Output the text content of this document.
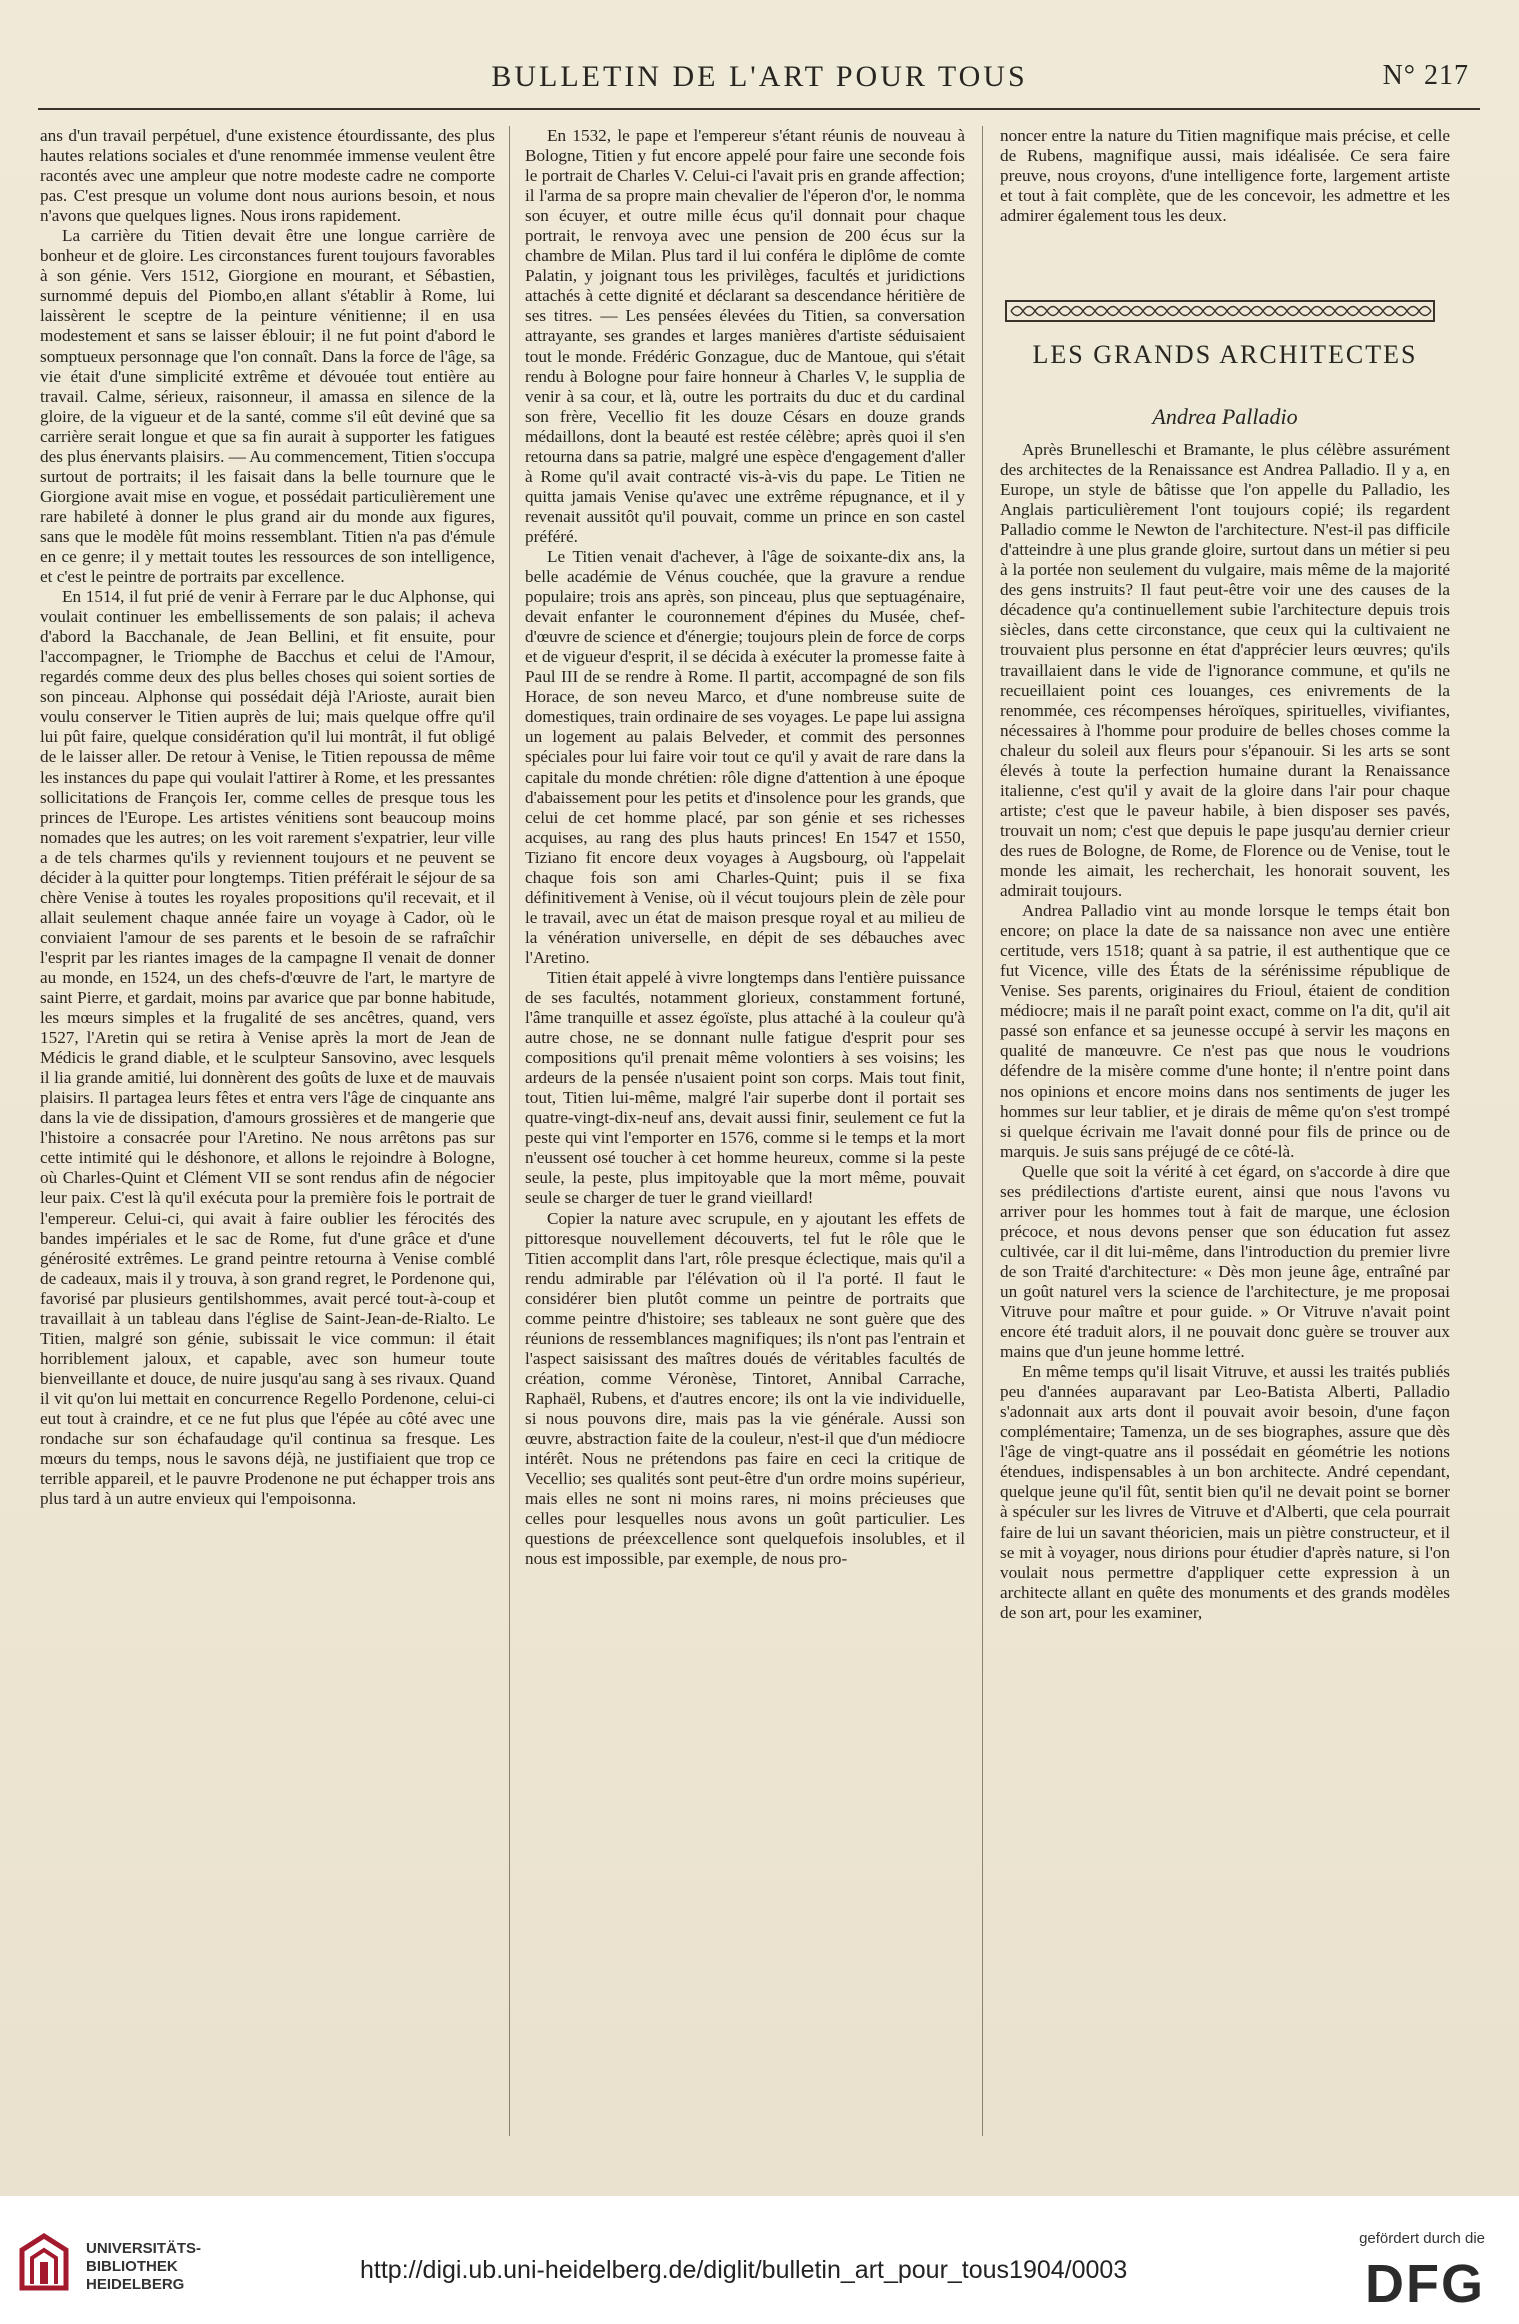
BULLETIN DE L'ART POUR TOUS	N° 217

ans d'un travail perpétuel, d'une existence étourdissante, des plus hautes relations sociales et d'une renommée immense veulent être racontés avec une ampleur que notre modeste cadre ne comporte pas. C'est presque un volume dont nous aurions besoin, et nous n'avons que quelques lignes. Nous irons rapidement.

La carrière du Titien devait être une longue carrière de bonheur et de gloire. Les circonstances furent toujours favorables à son génie. Vers 1512, Giorgione en mourant, et Sébastien, surnommé depuis del Piombo,en allant s'établir à Rome, lui laissèrent le sceptre de la peinture vénitienne; il en usa modestement et sans se laisser éblouir; il ne fut point d'abord le somptueux personnage que l'on connaît. Dans la force de l'âge, sa vie était d'une simplicité extrême et dévouée tout entière au travail. Calme, sérieux, raisonneur, il amassa en silence de la gloire, de la vigueur et de la santé, comme s'il eût deviné que sa carrière serait longue et que sa fin aurait à supporter les fatigues des plus énervants plaisirs. — Au commencement, Titien s'occupa surtout de portraits; il les faisait dans la belle tournure que le Giorgione avait mise en vogue, et possédait particulièrement une rare habileté à donner le plus grand air du monde aux figures, sans que le modèle fût moins ressemblant. Titien n'a pas d'émule en ce genre; il y mettait toutes les ressources de son intelligence, et c'est le peintre de portraits par excellence.

En 1514, il fut prié de venir à Ferrare par le duc Alphonse, qui voulait continuer les embellissements de son palais; il acheva d'abord la Bacchanale, de Jean Bellini, et fit ensuite, pour l'accompagner, le Triomphe de Bacchus et celui de l'Amour, regardés comme deux des plus belles choses qui soient sorties de son pinceau. Alphonse qui possédait déjà l'Arioste, aurait bien voulu conserver le Titien auprès de lui; mais quelque offre qu'il lui pût faire, quelque considération qu'il lui montrât, il fut obligé de le laisser aller. De retour à Venise, le Titien repoussa de même les instances du pape qui voulait l'attirer à Rome, et les pressantes sollicitations de François Ier, comme celles de presque tous les princes de l'Europe. Les artistes vénitiens sont beaucoup moins nomades que les autres; on les voit rarement s'expatrier, leur ville a de tels charmes qu'ils y reviennent toujours et ne peuvent se décider à la quitter pour longtemps. Titien préférait le séjour de sa chère Venise à toutes les royales propositions qu'il recevait, et il allait seulement chaque année faire un voyage à Cador, où le conviaient l'amour de ses parents et le besoin de se rafraîchir l'esprit par les riantes images de la campagne Il venait de donner au monde, en 1524, un des chefs-d'œuvre de l'art, le martyre de saint Pierre, et gardait, moins par avarice que par bonne habitude, les mœurs simples et la frugalité de ses ancêtres, quand, vers 1527, l'Aretin qui se retira à Venise après la mort de Jean de Médicis le grand diable, et le sculpteur Sansovino, avec lesquels il lia grande amitié, lui donnèrent des goûts de luxe et de mauvais plaisirs. Il partagea leurs fêtes et entra vers l'âge de cinquante ans dans la vie de dissipation, d'amours grossières et de mangerie que l'histoire a consacrée pour l'Aretino. Ne nous arrêtons pas sur cette intimité qui le déshonore, et allons le rejoindre à Bologne, où Charles-Quint et Clément VII se sont rendus afin de négocier leur paix. C'est là qu'il exécuta pour la première fois le portrait de l'empereur. Celui-ci, qui avait à faire oublier les férocités des bandes impériales et le sac de Rome, fut d'une grâce et d'une générosité extrêmes. Le grand peintre retourna à Venise comblé de cadeaux, mais il y trouva, à son grand regret, le Pordenone qui, favorisé par plusieurs gentilshommes, avait percé tout-à-coup et travaillait à un tableau dans l'église de Saint-Jean-de-Rialto. Le Titien, malgré son génie, subissait le vice commun: il était horriblement jaloux, et capable, avec son humeur toute bienveillante et douce, de nuire jusqu'au sang à ses rivaux. Quand il vit qu'on lui mettait en concurrence Regello Pordenone, celui-ci eut tout à craindre, et ce ne fut plus que l'épée au côté avec une rondache sur son échafaudage qu'il continua sa fresque. Les mœurs du temps, nous le savons déjà, ne justifiaient que trop ce terrible appareil, et le pauvre Prodenone ne put échapper trois ans plus tard à un autre envieux qui l'empoisonna.

En 1532, le pape et l'empereur s'étant réunis de nouveau à Bologne, Titien y fut encore appelé pour faire une seconde fois le portrait de Charles V. Celui-ci l'avait pris en grande affection; il l'arma de sa propre main chevalier de l'éperon d'or, le nomma son écuyer, et outre mille écus qu'il donnait pour chaque portrait, le renvoya avec une pension de 200 écus sur la chambre de Milan. Plus tard il lui conféra le diplôme de comte Palatin, y joignant tous les privilèges, facultés et juridictions attachés à cette dignité et déclarant sa descendance héritière de ses titres. — Les pensées élevées du Titien, sa conversation attrayante, ses grandes et larges manières d'artiste séduisaient tout le monde. Frédéric Gonzague, duc de Mantoue, qui s'était rendu à Bologne pour faire honneur à Charles V, le supplia de venir à sa cour, et là, outre les portraits du duc et du cardinal son frère, Vecellio fit les douze Césars en douze grands médaillons, dont la beauté est restée célèbre; après quoi il s'en retourna dans sa patrie, malgré une espèce d'engagement d'aller à Rome qu'il avait contracté vis-à-vis du pape. Le Titien ne quitta jamais Venise qu'avec une extrême répugnance, et il y revenait aussitôt qu'il pouvait, comme un prince en son castel préféré.

Le Titien venait d'achever, à l'âge de soixante-dix ans, la belle académie de Vénus couchée, que la gravure a rendue populaire; trois ans après, son pinceau, plus que septuagénaire, devait enfanter le couronnement d'épines du Musée, chef-d'œuvre de science et d'énergie; toujours plein de force de corps et de vigueur d'esprit, il se décida à exécuter la promesse faite à Paul III de se rendre à Rome. Il partit, accompagné de son fils Horace, de son neveu Marco, et d'une nombreuse suite de domestiques, train ordinaire de ses voyages. Le pape lui assigna un logement au palais Belveder, et commit des personnes spéciales pour lui faire voir tout ce qu'il y avait de rare dans la capitale du monde chrétien: rôle digne d'attention à une époque d'abaissement pour les petits et d'insolence pour les grands, que celui de cet homme placé, par son génie et ses richesses acquises, au rang des plus hauts princes! En 1547 et 1550, Tiziano fit encore deux voyages à Augsbourg, où l'appelait chaque fois son ami Charles-Quint; puis il se fixa définitivement à Venise, où il vécut toujours plein de zèle pour le travail, avec un état de maison presque royal et au milieu de la vénération universelle, en dépit de ses débauches avec l'Aretino.

Titien était appelé à vivre longtemps dans l'entière puissance de ses facultés, notamment glorieux, constamment fortuné, l'âme tranquille et assez égoïste, plus attaché à la couleur qu'à autre chose, ne se donnant nulle fatigue d'esprit pour ses compositions qu'il prenait même volontiers à ses voisins; les ardeurs de la pensée n'usaient point son corps. Mais tout finit, tout, Titien lui-même, malgré l'air superbe dont il portait ses quatre-vingt-dix-neuf ans, devait aussi finir, seulement ce fut la peste qui vint l'emporter en 1576, comme si le temps et la mort n'eussent osé toucher à cet homme heureux, comme si la peste seule, la peste, plus impitoyable que la mort même, pouvait seule se charger de tuer le grand vieillard!

Copier la nature avec scrupule, en y ajoutant les effets de pittoresque nouvellement découverts, tel fut le rôle que le Titien accomplit dans l'art, rôle presque éclectique, mais qu'il a rendu admirable par l'élévation où il l'a porté. Il faut le considérer bien plutôt comme un peintre de portraits que comme peintre d'histoire; ses tableaux ne sont guère que des réunions de ressemblances magnifiques; ils n'ont pas l'entrain et l'aspect saisissant des maîtres doués de véritables facultés de création, comme Véronèse, Tintoret, Annibal Carrache, Raphaël, Rubens, et d'autres encore; ils ont la vie individuelle, si nous pouvons dire, mais pas la vie générale. Aussi son œuvre, abstraction faite de la couleur, n'est-il que d'un médiocre intérêt. Nous ne prétendons pas faire en ceci la critique de Vecellio; ses qualités sont peut-être d'un ordre moins supérieur, mais elles ne sont ni moins rares, ni moins précieuses que celles pour lesquelles nous avons un goût particulier. Les questions de préexcellence sont quelquefois insolubles, et il nous est impossible, par exemple, de nous pro-

noncer entre la nature du Titien magnifique mais précise, et celle de Rubens, magnifique aussi, mais idéalisée. Ce sera faire preuve, nous croyons, d'une intelligence forte, largement artiste et tout à fait complète, que de les concevoir, les admettre et les admirer également tous les deux.

LES GRANDS ARCHITECTES
Andrea Palladio

Après Brunelleschi et Bramante, le plus célèbre assurément des architectes de la Renaissance est Andrea Palladio. Il y a, en Europe, un style de bâtisse que l'on appelle du Palladio, les Anglais particulièrement l'ont toujours copié; ils regardent Palladio comme le Newton de l'architecture. N'est-il pas difficile d'atteindre à une plus grande gloire, surtout dans un métier si peu à la portée non seulement du vulgaire, mais même de la majorité des gens instruits? Il faut peut-être voir une des causes de la décadence qu'a continuellement subie l'architecture depuis trois siècles, dans cette circonstance, que ceux qui la cultivaient ne trouvaient plus personne en état d'apprécier leurs œuvres; qu'ils travaillaient dans le vide de l'ignorance commune, et qu'ils ne recueillaient point ces louanges, ces enivrements de la renommée, ces récompenses héroïques, spirituelles, vivifiantes, nécessaires à l'homme pour produire de belles choses comme la chaleur du soleil aux fleurs pour s'épanouir. Si les arts se sont élevés à toute la perfection humaine durant la Renaissance italienne, c'est qu'il y avait de la gloire dans l'air pour chaque artiste; c'est que le paveur habile, à bien disposer ses pavés, trouvait un nom; c'est que depuis le pape jusqu'au dernier crieur des rues de Bologne, de Rome, de Florence ou de Venise, tout le monde les aimait, les recherchait, les honorait souvent, les admirait toujours.

Andrea Palladio vint au monde lorsque le temps était bon encore; on place la date de sa naissance non avec une entière certitude, vers 1518; quant à sa patrie, il est authentique que ce fut Vicence, ville des États de la sérénissime république de Venise. Ses parents, originaires du Frioul, étaient de condition médiocre; mais il ne paraît point exact, comme on l'a dit, qu'il ait passé son enfance et sa jeunesse occupé à servir les maçons en qualité de manœuvre. Ce n'est pas que nous le voudrions défendre de la misère comme d'une honte; il n'entre point dans nos opinions et encore moins dans nos sentiments de juger les hommes sur leur tablier, et je dirais de même qu'on s'est trompé si quelque écrivain me l'avait donné pour fils de prince ou de marquis. Je suis sans préjugé de ce côté-là.

Quelle que soit la vérité à cet égard, on s'accorde à dire que ses prédilections d'artiste eurent, ainsi que nous l'avons vu arriver pour les hommes tout à fait de marque, une éclosion précoce, et nous devons penser que son éducation fut assez cultivée, car il dit lui-même, dans l'introduction du premier livre de son Traité d'architecture: « Dès mon jeune âge, entraîné par un goût naturel vers la science de l'architecture, je me proposai Vitruve pour maître et pour guide. » Or Vitruve n'avait point encore été traduit alors, il ne pouvait donc guère se trouver aux mains que d'un jeune homme lettré.

En même temps qu'il lisait Vitruve, et aussi les traités publiés peu d'années auparavant par Leo-Batista Alberti, Palladio s'adonnait aux arts dont il pouvait avoir besoin, d'une façon complémentaire; Tamenza, un de ses biographes, assure que dès l'âge de vingt-quatre ans il possédait en géométrie les notions étendues, indispensables à un bon architecte. André cependant, quelque jeune qu'il fût, sentit bien qu'il ne devait point se borner à spéculer sur les livres de Vitruve et d'Alberti, que cela pourrait faire de lui un savant théoricien, mais un piètre constructeur, et il se mit à voyager, nous dirions pour étudier d'après nature, si l'on voulait nous permettre d'appliquer cette expression à un architecte allant en quête des monuments et des grands modèles de son art, pour les examiner,

UNIVERSITÄTS-
BIBLIOTHEK
HEIDELBERG
http://digi.ub.uni-heidelberg.de/diglit/bulletin_art_pour_tous1904/0003
gefördert durch die
DFG
